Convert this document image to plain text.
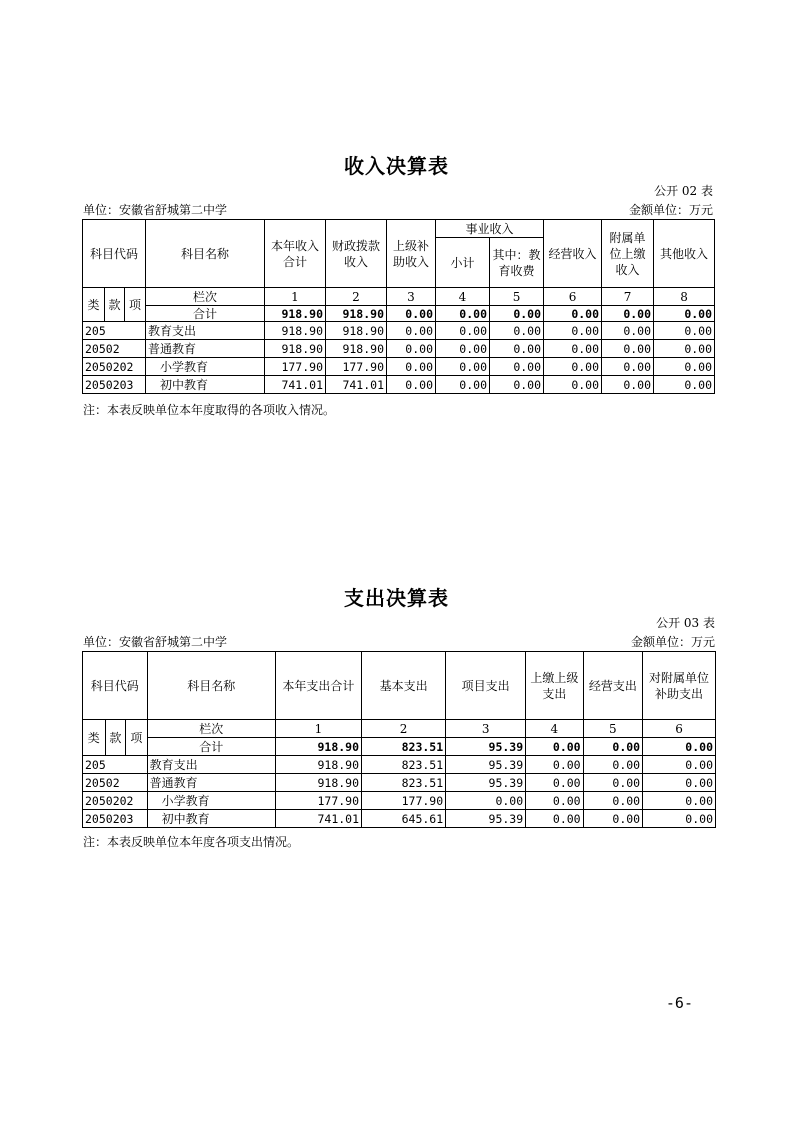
收入决算表
公开 02 表
单位：安徽省舒城第二中学	金额单位：万元
科目代码			科目名称	本年收入合计	财政拨款收入	上级补助收入	事业收入		经营收入	附属单位上缴收入	其他收入
							小计	其中：教育收费			
类	款	项	栏次	1	2	3	4	5	6	7	8
			合计	918.90	918.90	0.00	0.00	0.00	0.00	0.00	0.00
205			教育支出	918.90	918.90	0.00	0.00	0.00	0.00	0.00	0.00
20502			普通教育	918.90	918.90	0.00	0.00	0.00	0.00	0.00	0.00
2050202			小学教育	177.90	177.90	0.00	0.00	0.00	0.00	0.00	0.00
2050203			初中教育	741.01	741.01	0.00	0.00	0.00	0.00	0.00	0.00
注：本表反映单位本年度取得的各项收入情况。
支出决算表
公开 03 表
单位：安徽省舒城第二中学	金额单位：万元
科目代码			科目名称	本年支出合计	基本支出	项目支出	上缴上级支出	经营支出	对附属单位补助支出
类	款	项	栏次	1	2	3	4	5	6
			合计	918.90	823.51	95.39	0.00	0.00	0.00
205			教育支出	918.90	823.51	95.39	0.00	0.00	0.00
20502			普通教育	918.90	823.51	95.39	0.00	0.00	0.00
2050202			小学教育	177.90	177.90	0.00	0.00	0.00	0.00
2050203			初中教育	741.01	645.61	95.39	0.00	0.00	0.00
注：本表反映单位本年度各项支出情况。
-6-
